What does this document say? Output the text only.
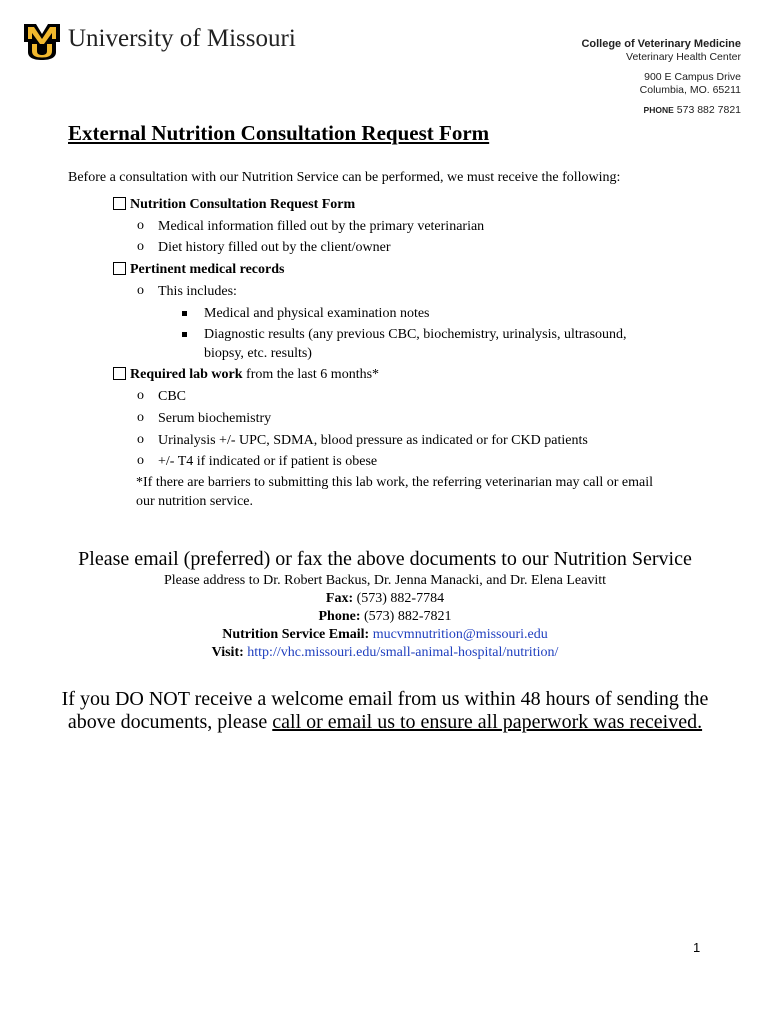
University of Missouri	College of Veterinary Medicine
Veterinary Health Center
900 E Campus Drive
Columbia, MO. 65211
PHONE 573 882 7821
External Nutrition Consultation Request Form
Before a consultation with our Nutrition Service can be performed, we must receive the following:
Nutrition Consultation Request Form
o Medical information filled out by the primary veterinarian
o Diet history filled out by the client/owner
Pertinent medical records
o This includes:
Medical and physical examination notes
Diagnostic results (any previous CBC, biochemistry, urinalysis, ultrasound,
biopsy, etc. results)
Required lab work from the last 6 months*
o CBC
o Serum biochemistry
o Urinalysis +/- UPC, SDMA, blood pressure as indicated or for CKD patients
o +/- T4 if indicated or if patient is obese
*If there are barriers to submitting this lab work, the referring veterinarian may call or email
our nutrition service.
Please email (preferred) or fax the above documents to our Nutrition Service
Please address to Dr. Robert Backus, Dr. Jenna Manacki, and Dr. Elena Leavitt
Fax: (573) 882-7784
Phone: (573) 882-7821
Nutrition Service Email: mucvmnutrition@missouri.edu
Visit: http://vhc.missouri.edu/small-animal-hospital/nutrition/
If you DO NOT receive a welcome email from us within 48 hours of sending the
above documents, please call or email us to ensure all paperwork was received.
1
